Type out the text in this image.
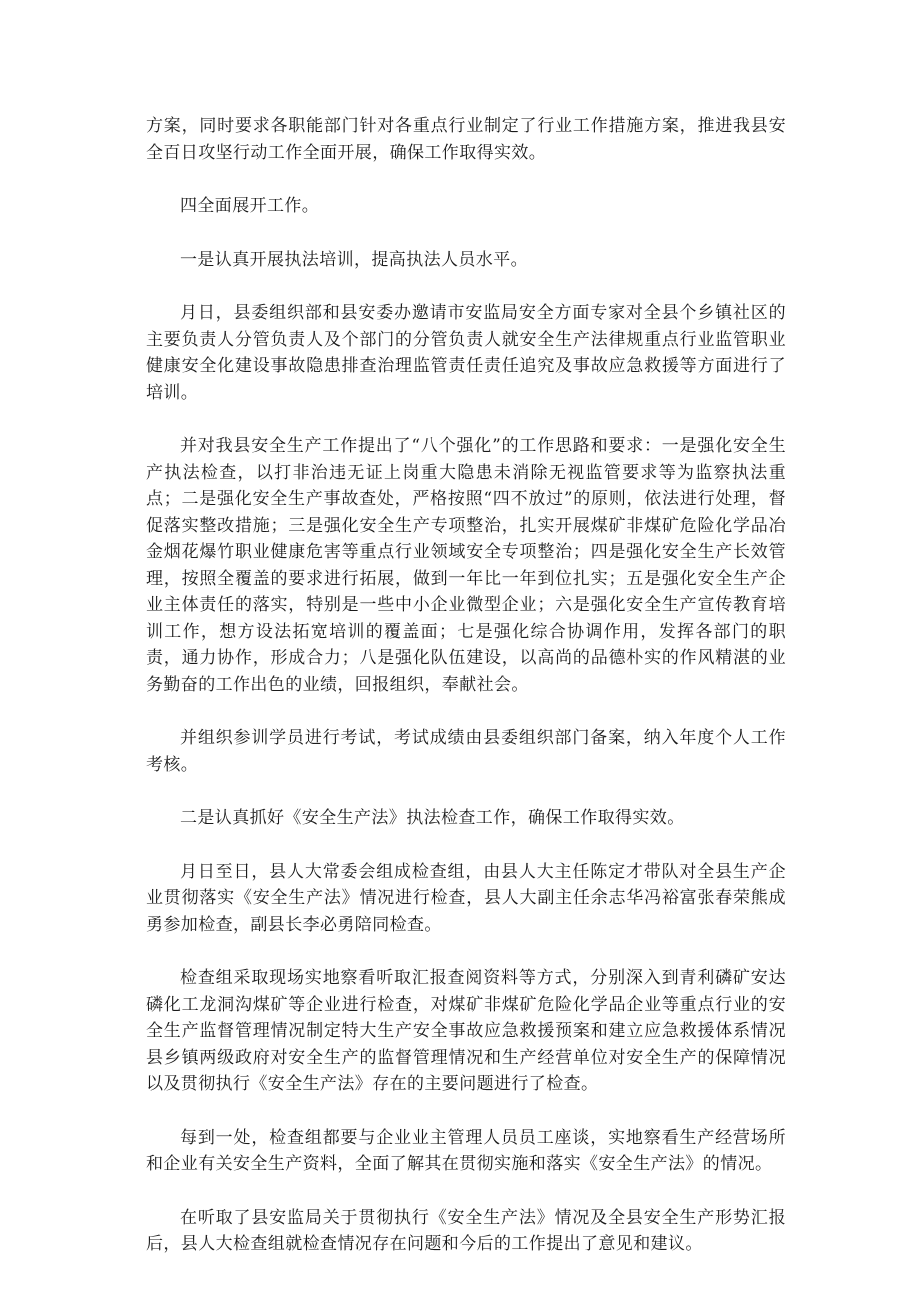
方案，同时要求各职能部门针对各重点行业制定了行业工作措施方案，推进我县安全百日攻坚行动工作全面开展，确保工作取得实效。

四全面展开工作。

一是认真开展执法培训，提高执法人员水平。

月日，县委组织部和县安委办邀请市安监局安全方面专家对全县个乡镇社区的主要负责人分管负责人及个部门的分管负责人就安全生产法律规重点行业监管职业健康安全化建设事故隐患排查治理监管责任责任追究及事故应急救援等方面进行了培训。

并对我县安全生产工作提出了“八个强化”的工作思路和要求：一是强化安全生产执法检查，以打非治违无证上岗重大隐患未消除无视监管要求等为监察执法重点；二是强化安全生产事故查处，严格按照“四不放过”的原则，依法进行处理，督促落实整改措施；三是强化安全生产专项整治，扎实开展煤矿非煤矿危险化学品冶金烟花爆竹职业健康危害等重点行业领域安全专项整治；四是强化安全生产长效管理，按照全覆盖的要求进行拓展，做到一年比一年到位扎实；五是强化安全生产企业主体责任的落实，特别是一些中小企业微型企业；六是强化安全生产宣传教育培训工作，想方设法拓宽培训的覆盖面；七是强化综合协调作用，发挥各部门的职责，通力协作，形成合力；八是强化队伍建设，以高尚的品德朴实的作风精湛的业务勤奋的工作出色的业绩，回报组织，奉献社会。

并组织参训学员进行考试，考试成绩由县委组织部门备案，纳入年度个人工作考核。

二是认真抓好《安全生产法》执法检查工作，确保工作取得实效。

月日至日，县人大常委会组成检查组，由县人大主任陈定才带队对全县生产企业贯彻落实《安全生产法》情况进行检查，县人大副主任余志华冯裕富张春荣熊成勇参加检查，副县长李必勇陪同检查。

检查组采取现场实地察看听取汇报查阅资料等方式，分别深入到青利磷矿安达磷化工龙洞沟煤矿等企业进行检查，对煤矿非煤矿危险化学品企业等重点行业的安全生产监督管理情况制定特大生产安全事故应急救援预案和建立应急救援体系情况县乡镇两级政府对安全生产的监督管理情况和生产经营单位对安全生产的保障情况以及贯彻执行《安全生产法》存在的主要问题进行了检查。

每到一处，检查组都要与企业业主管理人员员工座谈，实地察看生产经营场所和企业有关安全生产资料，全面了解其在贯彻实施和落实《安全生产法》的情况。

在听取了县安监局关于贯彻执行《安全生产法》情况及全县安全生产形势汇报后，县人大检查组就检查情况存在问题和今后的工作提出了意见和建议。
